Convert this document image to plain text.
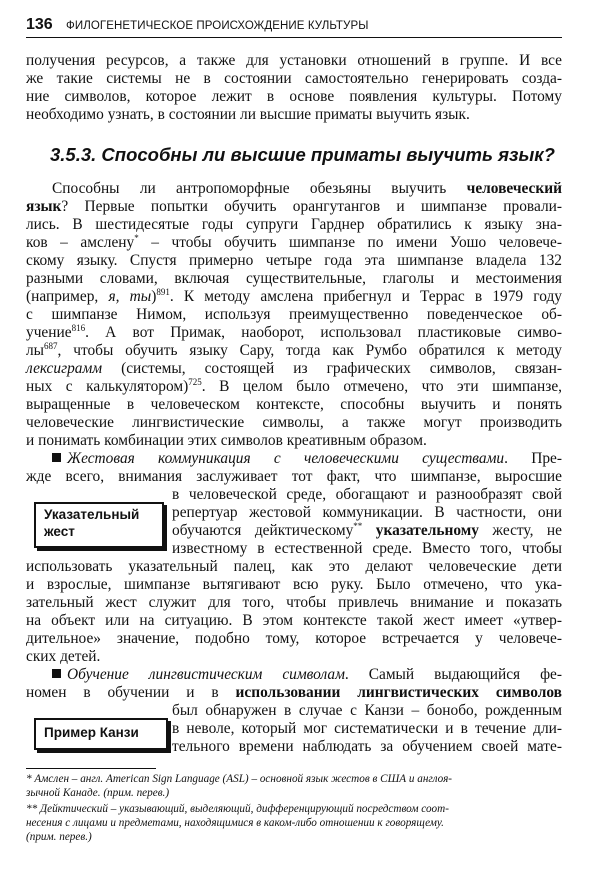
136 ФИЛОГЕНЕТИЧЕСКОЕ ПРОИСХОЖДЕНИЕ КУЛЬТУРЫ
получения ресурсов, а также для установки отношений в группе. И все
же такие системы не в состоянии самостоятельно генерировать созда-
ние символов, которое лежит в основе появления культуры. Потому
необходимо узнать, в состоянии ли высшие приматы выучить язык.
3.5.3. Способны ли высшие приматы выучить язык?
Способны ли антропоморфные обезьяны выучить человеческий
язык? Первые попытки обучить орангутангов и шимпанзе провали-
лись. В шестидесятые годы супруги Гарднер обратились к языку зна-
ков – амслену* – чтобы обучить шимпанзе по имени Уошо человече-
скому языку. Спустя примерно четыре года эта шимпанзе владела 132
разными словами, включая существительные, глаголы и местоимения
(например, я, ты)$^{891}$. К методу амслена прибегнул и Террас в 1979 году
с шимпанзе Нимом, используя преимущественно поведенческое об-
учение$^{816}$. А вот Примак, наоборот, использовал пластиковые симво-
$лы^{687}$, чтобы обучить языку Сару, тогда как Румбо обратился к методу
лексиграмм (системы, состоящей из графических символов, связан-
ных с калькулятором)$^{725}$. В целом было отмечено, что эти шимпанзе,
выращенные в человеческом контексте, способны выучить и понять
человеческие лингвистические символы, а также могут производить
и понимать комбинации этих символов креативным образом.
Жестовая коммуникация с человеческими существами. Пре-
жде всего, внимания заслуживает тот факт, что шимпанзе, выросшие
в человеческой среде, обогащают и разнообразят свой
репертуар жестовой коммуникации. В частности, они
обучаются дейктическому** указательному жесту, не
известному в естественной среде. Вместо того, чтобы
использовать указательный палец, как это делают человеческие дети
и взрослые, шимпанзе вытягивают всю руку. Было отмечено, что ука-
зательный жест служит для того, чтобы привлечь внимание и показать
на объект или на ситуацию. В этом контексте такой жест имеет «утвер-
дительное» значение, подобно тому, которое встречается у человече-
ских детей.
Обучение лингвистическим символам. Самый выдающийся фе-
номен в обучении и в использовании лингвистических символов
был обнаружен в случае с Канзи – бонобо, рожденным
в неволе, который мог систематически и в течение дли-
тельного времени наблюдать за обучением своей мате-
Указательный
жест
Пример Канзи
* Амслен – англ. American Sign Language (ASL) – основной язык жестов в США и англоя-
зычной Канаде. (прим. перев.)
** Дейктический – указывающий, выделяющий, дифференцирующий посредством соот-
несения с лицами и предметами, находящимися в каком-либо отношении к говорящему.
(прим. перев.)
